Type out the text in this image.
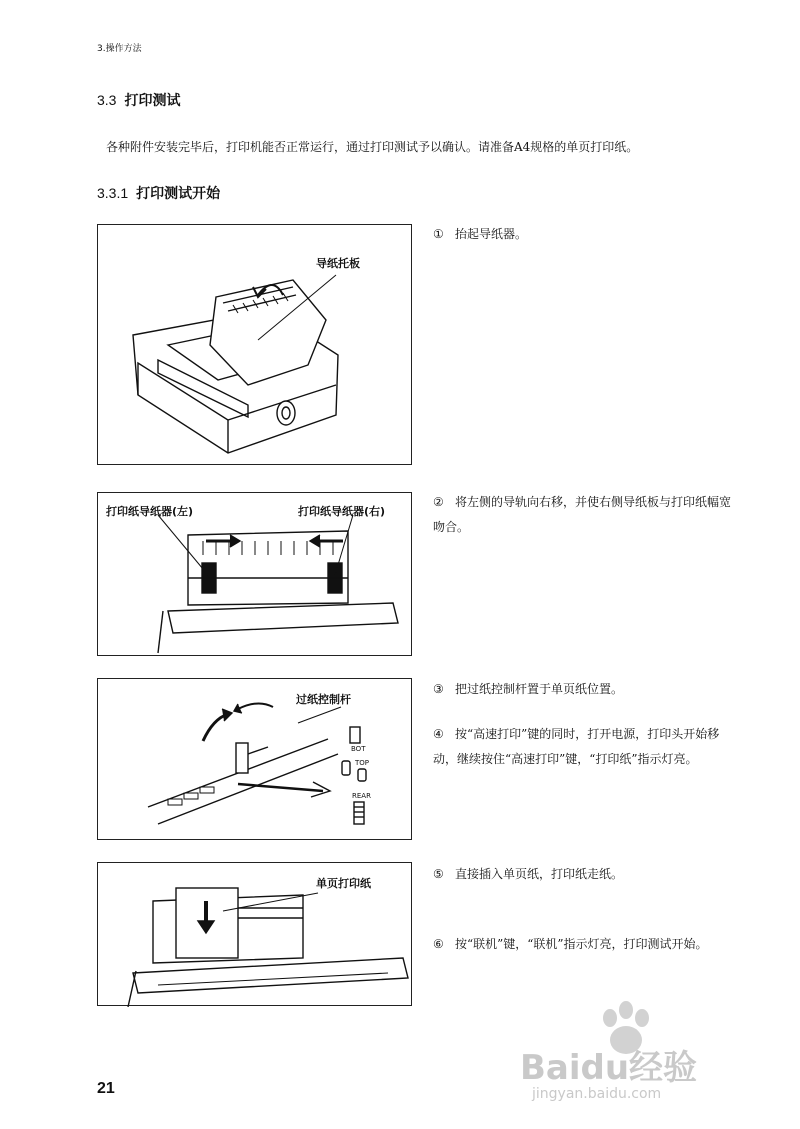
3.操作方法
3.3 打印测试
各种附件安装完毕后，打印机能否正常运行，通过打印测试予以确认。请准备A4规格的单页打印纸。
3.3.1 打印测试开始
导纸托板
① 抬起导纸器。
打印纸导纸器(左)	打印纸导纸器(右)
② 将左侧的导轨向右移，并使右侧导纸板与打印纸幅宽吻合。
过纸控制杆
BOT
TOP
REAR
③ 把过纸控制杆置于单页纸位置。
④ 按“高速打印”键的同时，打开电源，打印头开始移动，继续按住“高速打印”键，“打印纸”指示灯亮。
单页打印纸
⑤ 直接插入单页纸，打印纸走纸。
⑥ 按“联机”键，“联机”指示灯亮，打印测试开始。
21
Baidu经验
jingyan.baidu.com
